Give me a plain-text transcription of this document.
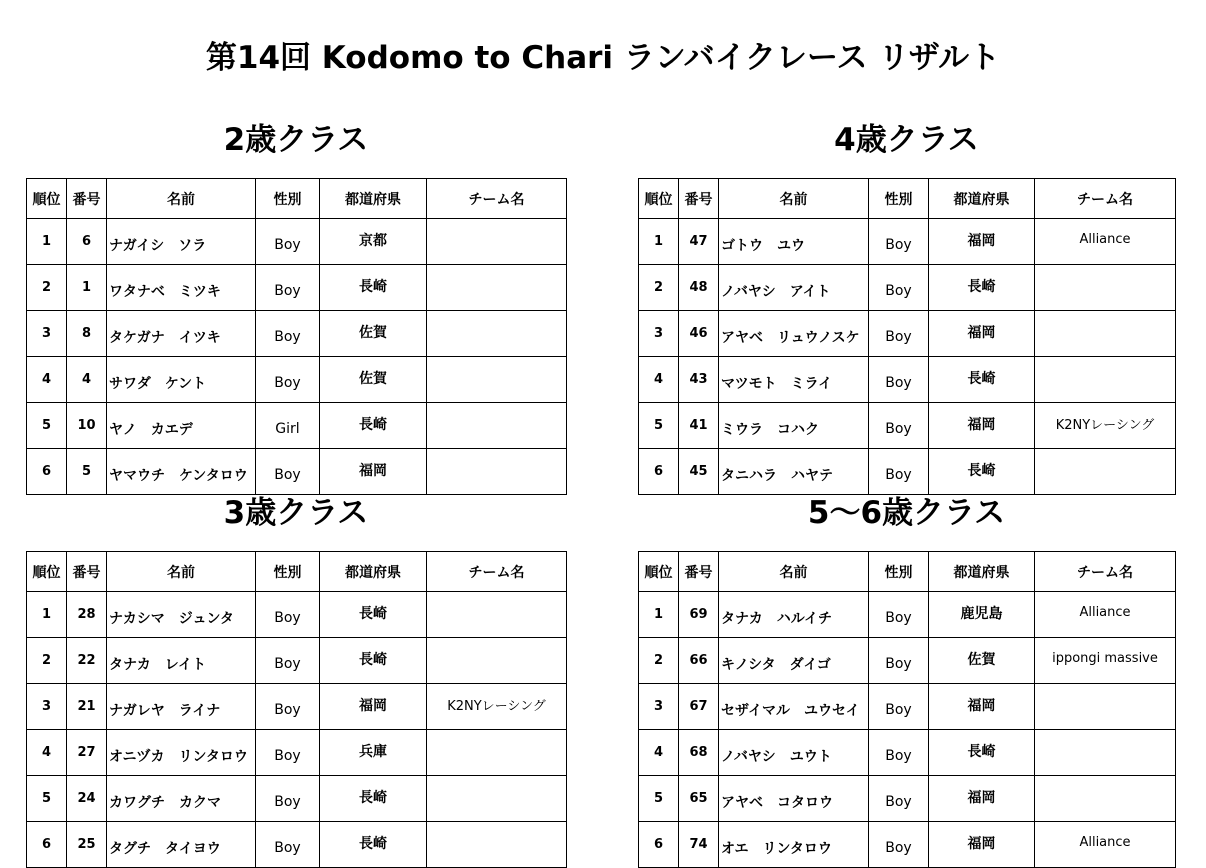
第14回 Kodomo to Chari ランバイクレース リザルト
2歳クラス
順位	番号	名前	性別	都道府県	チーム名
1	6	ナガイシ　ソラ	Boy	京都	
2	1	ワタナベ　ミツキ	Boy	長崎	
3	8	タケガナ　イツキ	Boy	佐賀	
4	4	サワダ　ケント	Boy	佐賀	
5	10	ヤノ　カエデ	Girl	長崎	
6	5	ヤマウチ　ケンタロウ	Boy	福岡	
4歳クラス
順位	番号	名前	性別	都道府県	チーム名
1	47	ゴトウ　ユウ	Boy	福岡	Alliance
2	48	ノバヤシ　アイト	Boy	長崎	
3	46	アヤベ　リュウノスケ	Boy	福岡	
4	43	マツモト　ミライ	Boy	長崎	
5	41	ミウラ　コハク	Boy	福岡	K2NYレーシング
6	45	タニハラ　ハヤテ	Boy	長崎	
3歳クラス
順位	番号	名前	性別	都道府県	チーム名
1	28	ナカシマ　ジュンタ	Boy	長崎	
2	22	タナカ　レイト	Boy	長崎	
3	21	ナガレヤ　ライナ	Boy	福岡	K2NYレーシング
4	27	オニヅカ　リンタロウ	Boy	兵庫	
5	24	カワグチ　カクマ	Boy	長崎	
6	25	タグチ　タイヨウ	Boy	長崎	
5～6歳クラス
順位	番号	名前	性別	都道府県	チーム名
1	69	タナカ　ハルイチ	Boy	鹿児島	Alliance
2	66	キノシタ　ダイゴ	Boy	佐賀	ippongi massive
3	67	セザイマル　ユウセイ	Boy	福岡	
4	68	ノバヤシ　ユウト	Boy	長崎	
5	65	アヤベ　コタロウ	Boy	福岡	
6	74	オエ　リンタロウ	Boy	福岡	Alliance
